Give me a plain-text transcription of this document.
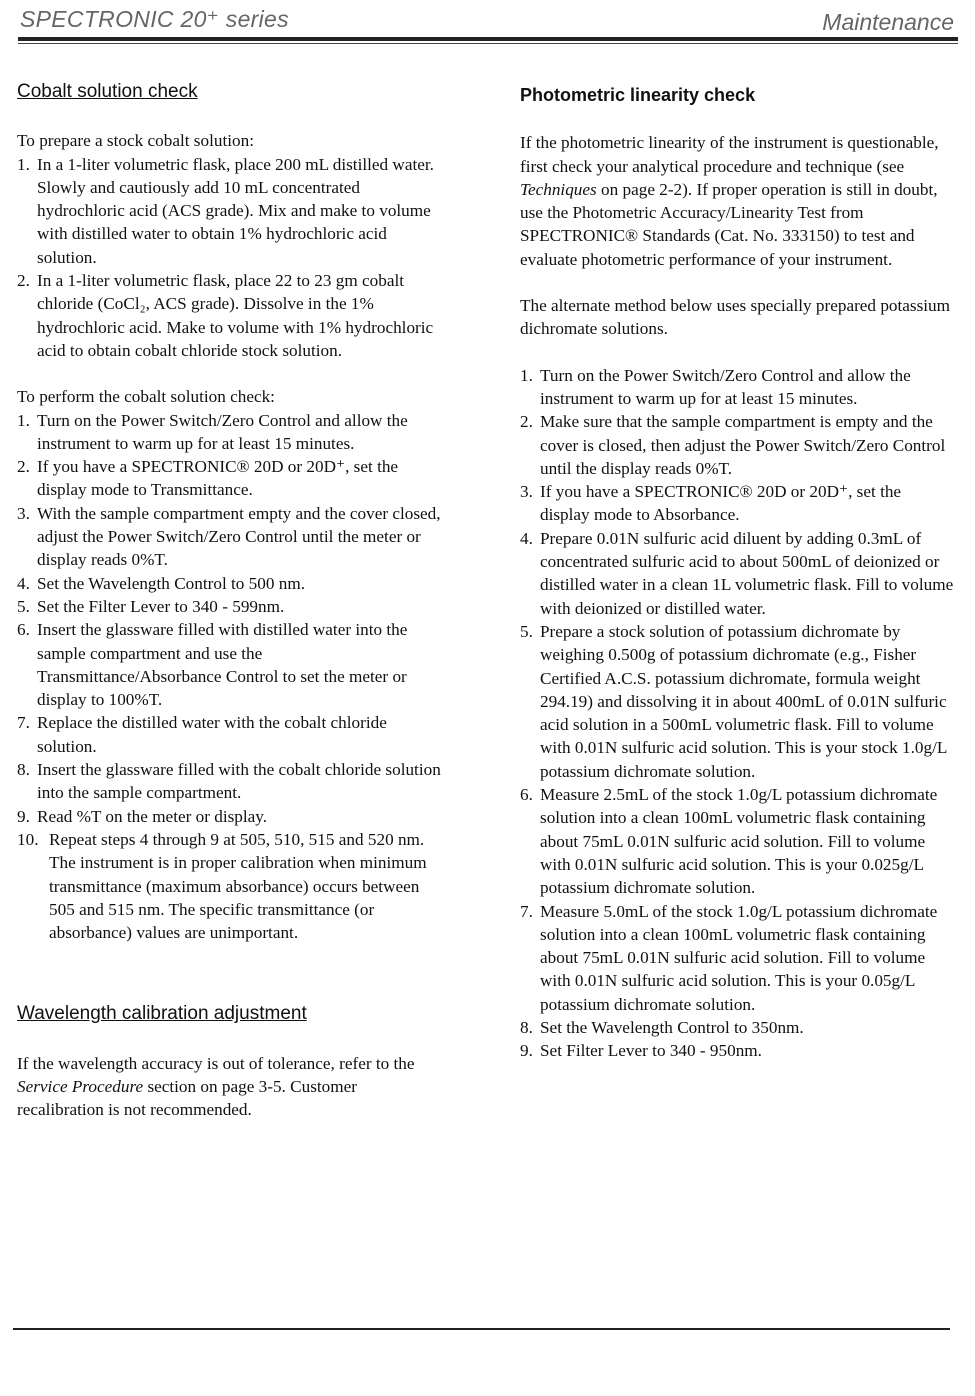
SPECTRONIC 20⁺ series	Maintenance
Cobalt solution check

To prepare a stock cobalt solution:

1. In a 1-liter volumetric flask, place 200 mL distilled water. Slowly and cautiously add 10 mL concentrated hydrochloric acid (ACS grade). Mix and make to volume with distilled water to obtain 1% hydrochloric acid solution.
2. In a 1-liter volumetric flask, place 22 to 23 gm cobalt chloride (CoCl₂, ACS grade). Dissolve in the 1% hydrochloric acid. Make to volume with 1% hydrochloric acid to obtain cobalt chloride stock solution.

To perform the cobalt solution check:

1. Turn on the Power Switch/Zero Control and allow the instrument to warm up for at least 15 minutes.
2. If you have a SPECTRONIC® 20D or 20D⁺, set the display mode to Transmittance.
3. With the sample compartment empty and the cover closed, adjust the Power Switch/Zero Control until the meter or display reads 0%T.
4. Set the Wavelength Control to 500 nm.
5. Set the Filter Lever to 340 - 599nm.
6. Insert the glassware filled with distilled water into the sample compartment and use the Transmittance/Absorbance Control to set the meter or display to 100%T.
7. Replace the distilled water with the cobalt chloride solution.
8. Insert the glassware filled with the cobalt chloride solution into the sample compartment.
9. Read %T on the meter or display.
10. Repeat steps 4 through 9 at 505, 510, 515 and 520 nm. The instrument is in proper calibration when minimum transmittance (maximum absorbance) occurs between 505 and 515 nm. The specific transmittance (or absorbance) values are unimportant.
Wavelength calibration adjustment

If the wavelength accuracy is out of tolerance, refer to the Service Procedure section on page 3-5. Customer recalibration is not recommended.

Photometric linearity check

If the photometric linearity of the instrument is questionable, first check your analytical procedure and technique (see Techniques on page 2-2). If proper operation is still in doubt, use the Photometric Accuracy/Linearity Test from SPECTRONIC® Standards (Cat. No. 333150) to test and evaluate photometric performance of your instrument.

The alternate method below uses specially prepared potassium dichromate solutions.

1. Turn on the Power Switch/Zero Control and allow the instrument to warm up for at least 15 minutes.
2. Make sure that the sample compartment is empty and the cover is closed, then adjust the Power Switch/Zero Control until the display reads 0%T.
3. If you have a SPECTRONIC® 20D or 20D⁺, set the display mode to Absorbance.
4. Prepare 0.01N sulfuric acid diluent by adding 0.3mL of concentrated sulfuric acid to about 500mL of deionized or distilled water in a clean 1L volumetric flask. Fill to volume with deionized or distilled water.
5. Prepare a stock solution of potassium dichromate by weighing 0.500g of potassium dichromate (e.g., Fisher Certified A.C.S. potassium dichromate, formula weight 294.19) and dissolving it in about 400mL of 0.01N sulfuric acid solution in a 500mL volumetric flask. Fill to volume with 0.01N sulfuric acid solution. This is your stock 1.0g/L potassium dichromate solution.
6. Measure 2.5mL of the stock 1.0g/L potassium dichromate solution into a clean 100mL volumetric flask containing about 75mL 0.01N sulfuric acid solution. Fill to volume with 0.01N sulfuric acid solution. This is your 0.025g/L potassium dichromate solution.
7. Measure 5.0mL of the stock 1.0g/L potassium dichromate solution into a clean 100mL volumetric flask containing about 75mL 0.01N sulfuric acid solution. Fill to volume with 0.01N sulfuric acid solution. This is your 0.05g/L potassium dichromate solution.
8. Set the Wavelength Control to 350nm.
9. Set Filter Lever to 340 - 950nm.
